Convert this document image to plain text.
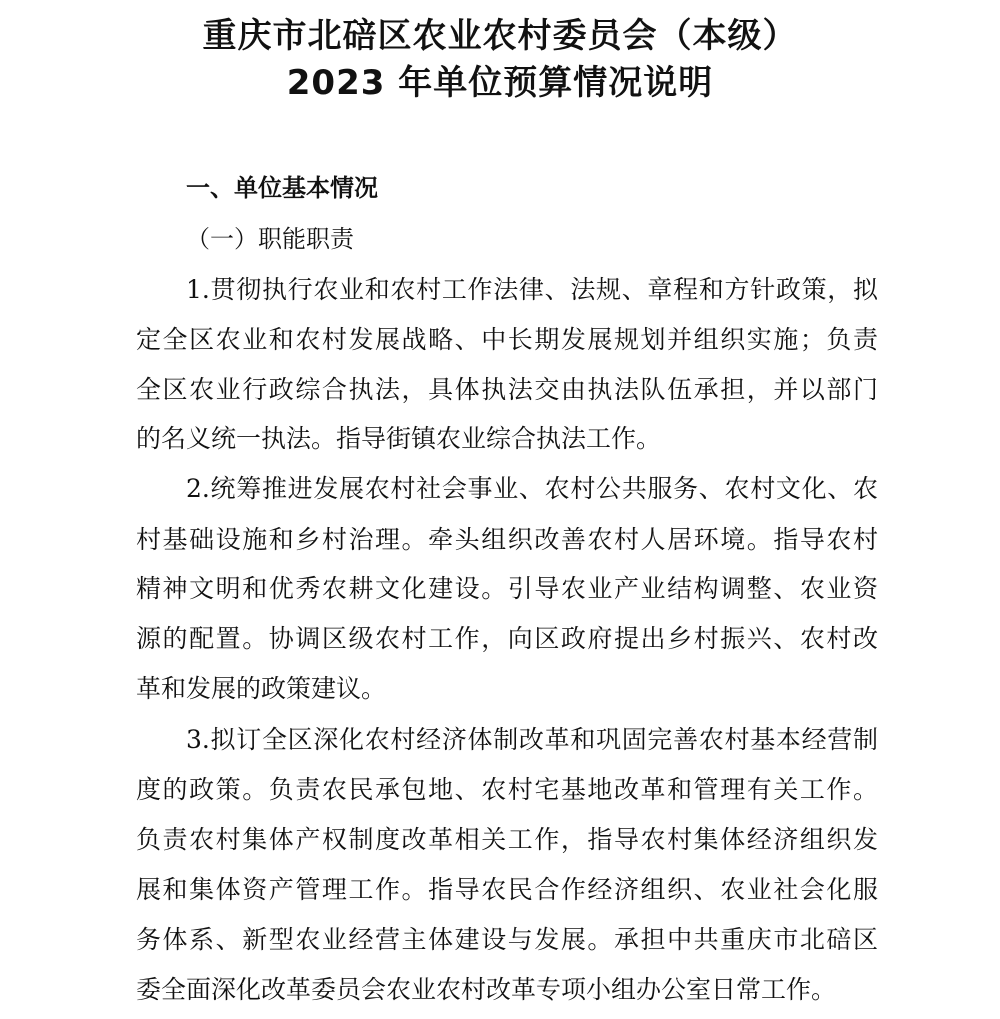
重庆市北碚区农业农村委员会（本级）
2023 年单位预算情况说明
一、单位基本情况
（一）职能职责
1.贯彻执行农业和农村工作法律、法规、章程和方针政策，拟
定全区农业和农村发展战略、中长期发展规划并组织实施；负责
全区农业行政综合执法，具体执法交由执法队伍承担，并以部门
的名义统一执法。指导街镇农业综合执法工作。
2.统筹推进发展农村社会事业、农村公共服务、农村文化、农
村基础设施和乡村治理。牵头组织改善农村人居环境。指导农村
精神文明和优秀农耕文化建设。引导农业产业结构调整、农业资
源的配置。协调区级农村工作，向区政府提出乡村振兴、农村改
革和发展的政策建议。
3.拟订全区深化农村经济体制改革和巩固完善农村基本经营制
度的政策。负责农民承包地、农村宅基地改革和管理有关工作。
负责农村集体产权制度改革相关工作，指导农村集体经济组织发
展和集体资产管理工作。指导农民合作经济组织、农业社会化服
务体系、新型农业经营主体建设与发展。承担中共重庆市北碚区
委全面深化改革委员会农业农村改革专项小组办公室日常工作。
